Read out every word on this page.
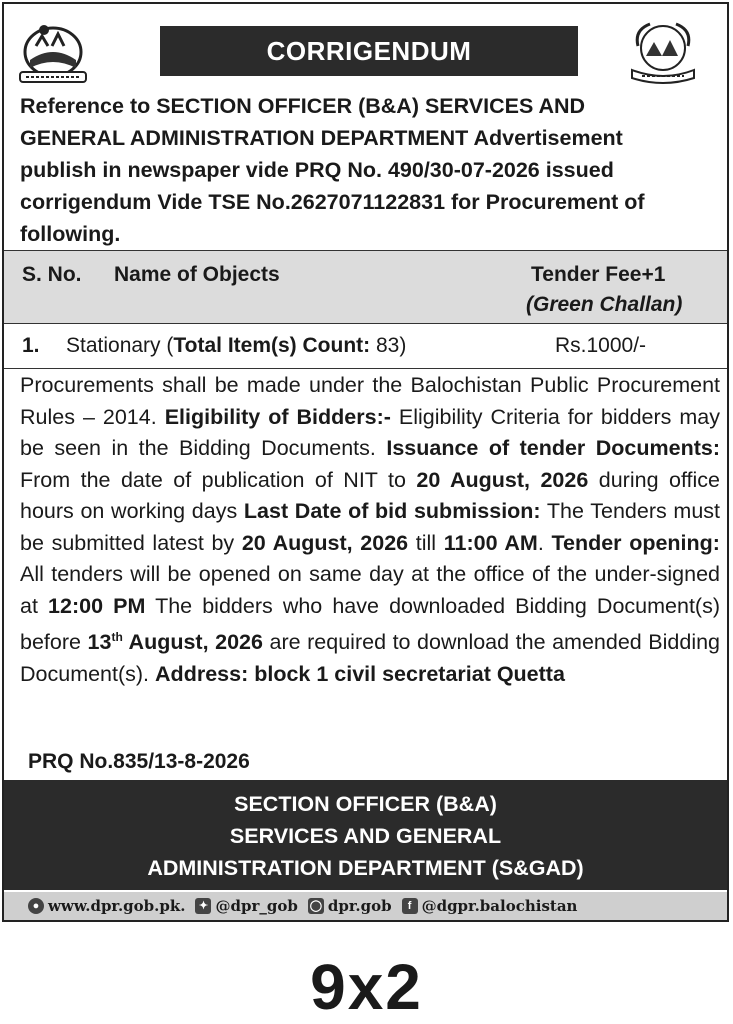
CORRIGENDUM
Reference to SECTION OFFICER (B&A) SERVICES AND
GENERAL ADMINISTRATION DEPARTMENT Advertisement
publish in newspaper vide PRQ No. 490/30-07-2026 issued
corrigendum Vide TSE No.2627071122831 for Procurement of
following.
S. No. Name of Objects	Tender Fee+1
(Green Challan)
1. Stationary (Total Item(s) Count: 83)	Rs.1000/-
Procurements shall be made under the Balochistan Public Procurement Rules – 2014. Eligibility of Bidders:- Eligibility Criteria for bidders may be seen in the Bidding Documents. Issuance of tender Documents: From the date of publication of NIT to 20 August, 2026 during office hours on working days Last Date of bid submission: The Tenders must be submitted latest by 20 August, 2026 till 11:00 AM. Tender opening: All tenders will be opened on same day at the office of the under-signed at 12:00 PM The bidders who have downloaded Bidding Document(s) before 13th August, 2026 are required to download the amended Bidding Document(s). Address: block 1 civil secretariat Quetta
PRQ No.835/13-8-2026
SECTION OFFICER (B&A)
SERVICES AND GENERAL
ADMINISTRATION DEPARTMENT (S&GAD)
● www.dpr.gob.pk.	✦ @dpr_gob ◯ dpr.gob	f @dgpr.balochistan
9x2
